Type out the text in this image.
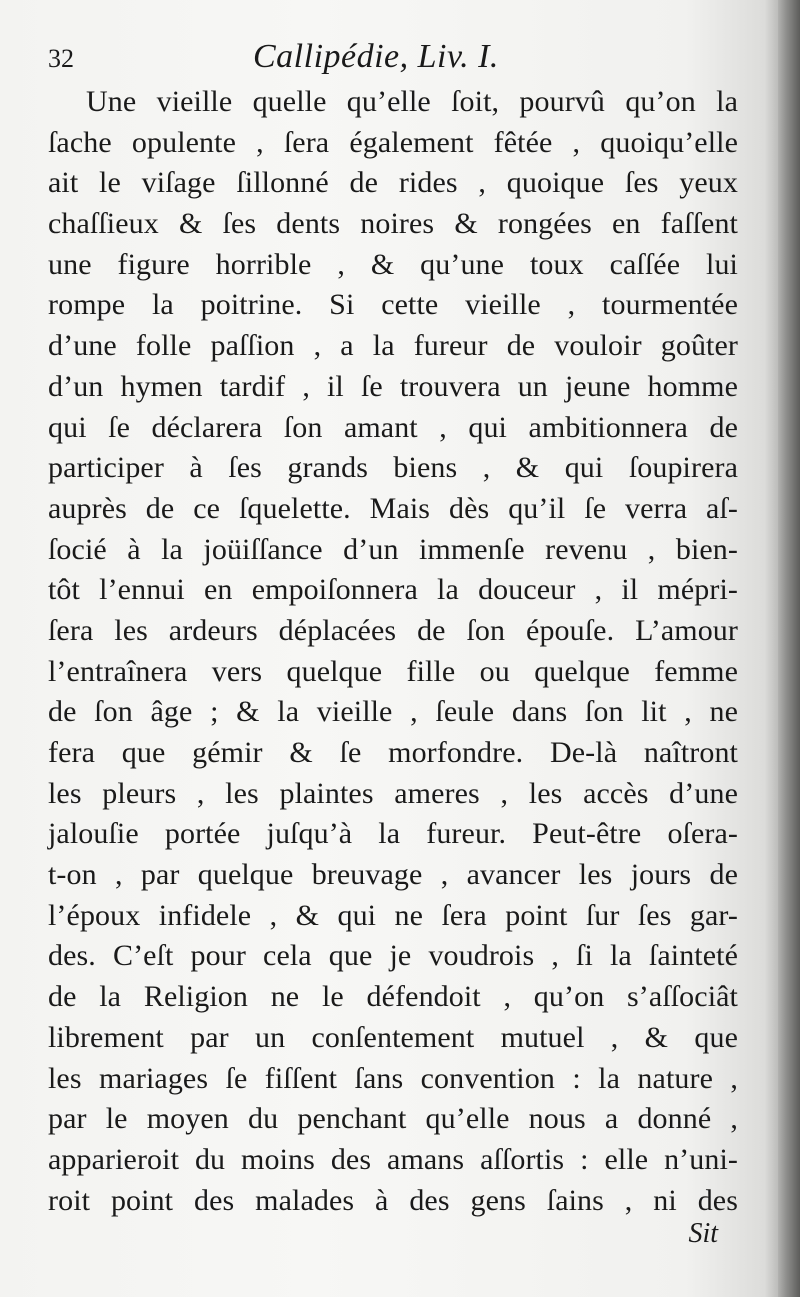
32	Callipédie, Liv. I.
Une vieille quelle qu’elle ſoit, pourvû qu’on la
ſache opulente , ſera également fêtée , quoiqu’elle
ait le viſage ſillonné de rides , quoique ſes yeux
chaſſieux & ſes dents noires & rongées en faſſent
une figure horrible , & qu’une toux caſſée lui
rompe la poitrine. Si cette vieille , tourmentée
d’une folle paſſion , a la fureur de vouloir goûter
d’un hymen tardif , il ſe trouvera un jeune homme
qui ſe déclarera ſon amant , qui ambitionnera de
participer à ſes grands biens , & qui ſoupirera
auprès de ce ſquelette. Mais dès qu’il ſe verra aſ-
ſocié à la joüiſſance d’un immenſe revenu , bien-
tôt l’ennui en empoiſonnera la douceur , il mépri-
ſera les ardeurs déplacées de ſon épouſe. L’amour
l’entraînera vers quelque fille ou quelque femme
de ſon âge ; & la vieille , ſeule dans ſon lit , ne
fera que gémir & ſe morfondre. De-là naîtront
les pleurs , les plaintes ameres , les accès d’une
jalouſie portée juſqu’à la fureur. Peut-être oſera-
t-on , par quelque breuvage , avancer les jours de
l’époux infidele , & qui ne ſera point ſur ſes gar-
des. C’eſt pour cela que je voudrois , ſi la ſainteté
de la Religion ne le défendoit , qu’on s’aſſociât
librement par un conſentement mutuel , & que
les mariages ſe fiſſent ſans convention : la nature ,
par le moyen du penchant qu’elle nous a donné ,
apparieroit du moins des amans aſſortis : elle n’uni-
roit point des malades à des gens ſains , ni des
Sit
